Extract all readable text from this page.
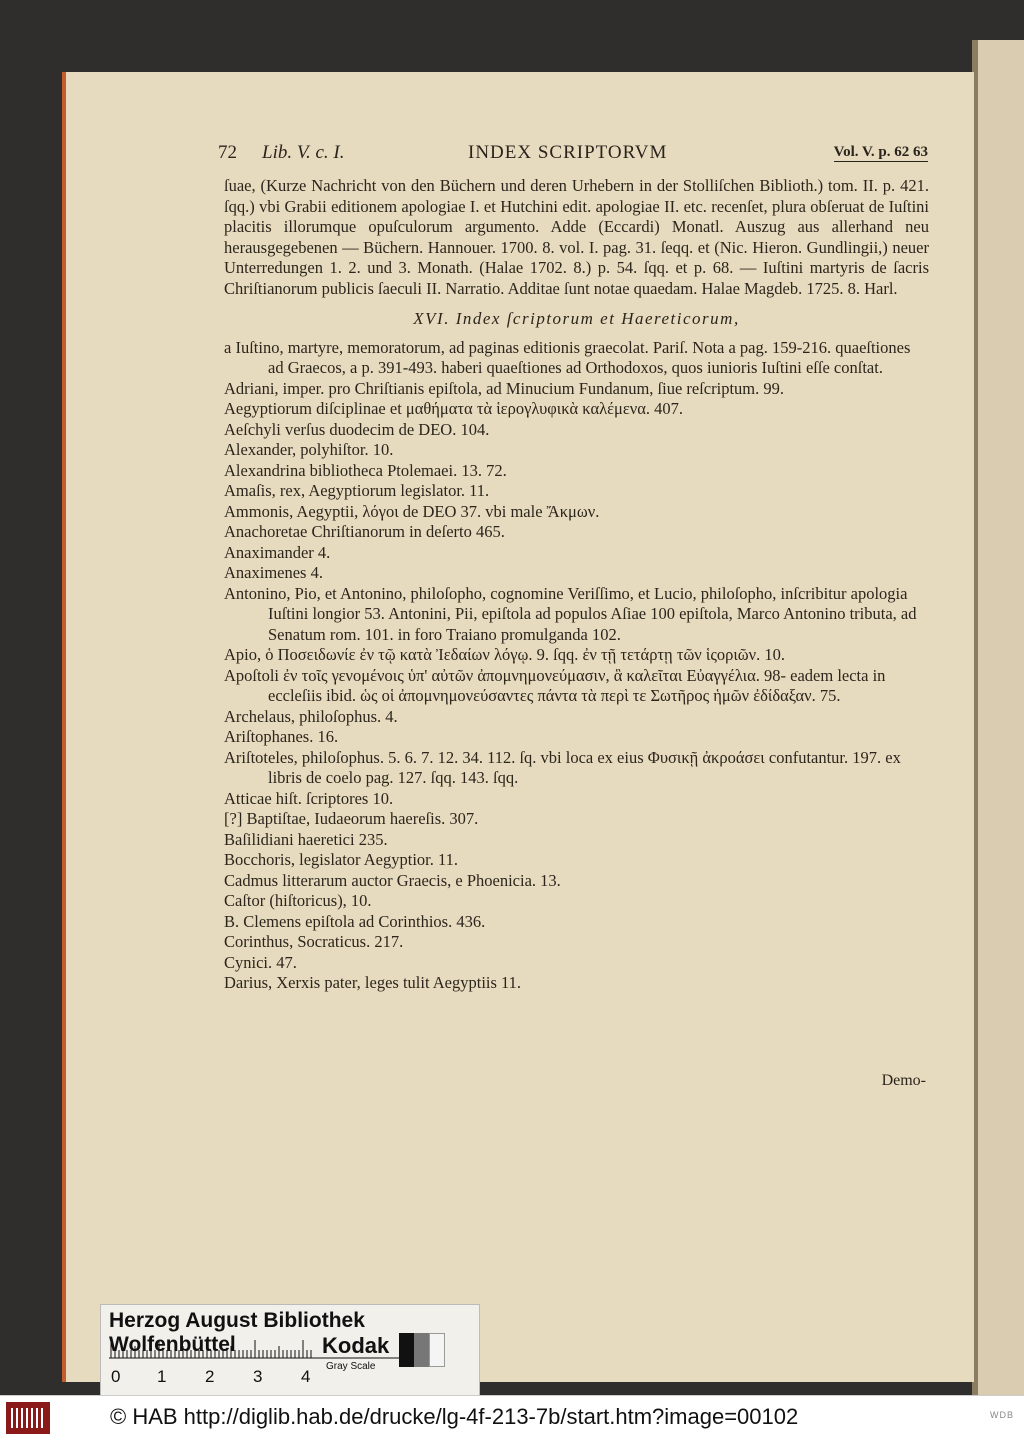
72 Lib. V. c. I.	INDEX SCRIPTORVM	Vol. V. p. 62 63

ſuae, (Kurze Nachricht von den Büchern und deren Urhebern in der Stolliſchen Biblioth.) tom. II. p. 421. ſqq.) vbi Grabii editionem apologiae I. et Hutchini edit. apologiae II. etc. recenſet, plura obſeruat de Iuſtini placitis illorumque opuſculorum argumento. Adde (Eccardi) Monatl. Auszug aus allerhand neu herausgegebenen — Büchern. Hannouer. 1700. 8. vol. I. pag. 31. ſeqq. et (Nic. Hieron. Gundlingii,) neuer Unterredungen 1. 2. und 3. Monath. (Halae 1702. 8.) p. 54. ſqq. et p. 68. — Iuſtini martyris de ſacris Chriſtianorum publicis ſaeculi II. Narratio. Additae ſunt notae quaedam. Halae Magdeb. 1725. 8. Harl.

XVI. Index ſcriptorum et Haereticorum,

a Iuſtino, martyre, memoratorum, ad paginas editionis graecolat. Pariſ. Nota a pag. 159-216. quaeſtiones ad Graecos, a p. 391-493. haberi quaeſtiones ad Orthodoxos, quos iunioris Iuſtini eſſe conſtat.

Adriani, imper. pro Chriſtianis epiſtola, ad Minucium Fundanum, ſiue reſcriptum. 99.

Aegyptiorum diſciplinae et μαθήματα τὰ ἱερογλυφικὰ καλέμενα. 407.

Aeſchyli verſus duodecim de DEO. 104.

Alexander, polyhiſtor. 10.

Alexandrina bibliotheca Ptolemaei. 13. 72.

Amaſis, rex, Aegyptiorum legislator. 11.

Ammonis, Aegyptii, λόγοι de DEO 37. vbi male Ἄκμων.

Anachoretae Chriſtianorum in deſerto 465.

Anaximander 4.

Anaximenes 4.

Antonino, Pio, et Antonino, philoſopho, cognomine Veriſſimo, et Lucio, philoſopho, inſcribitur apologia Iuſtini longior 53. Antonini, Pii, epiſtola ad populos Aſiae 100 epiſtola, Marco Antonino tributa, ad Senatum rom. 101. in foro Traiano promulganda 102.

Apio, ὁ Ποσειδωνίε ἐν τῷ κατὰ Ἰεδαίων λόγῳ. 9. ſqq. ἐν τῇ τετάρτῃ τῶν ἱςοριῶν. 10.

Apoſtoli ἐν τοῖς γενομένοις ὑπ' αὐτῶν ἀπομνημονεύμασιν, ἃ καλεῖται Εὐαγγέλια. 98- eadem lecta in eccleſiis ibid. ὡς οἱ ἀπομνημονεύσαντες πάντα τὰ περὶ τε Σωτῆρος ἡμῶν ἐδίδαξαν. 75.

Archelaus, philoſophus. 4.

Ariſtophanes. 16.

Ariſtoteles, philoſophus. 5. 6. 7. 12. 34. 112. ſq. vbi loca ex eius Φυσικῇ ἀκροάσει confutantur. 197. ex libris de coelo pag. 127. ſqq. 143. ſqq.

Atticae hiſt. ſcriptores 10.

[?] Baptiſtae, Iudaeorum haereſis. 307.

Baſilidiani haeretici 235.

Bocchoris, legislator Aegyptior. 11.

Cadmus litterarum auctor Graecis, e Phoenicia. 13.

Caſtor (hiſtoricus), 10.

B. Clemens epiſtola ad Corinthios. 436.

Corinthus, Socraticus. 217.

Cynici. 47.

Darius, Xerxis pater, leges tulit Aegyptiis 11.

Demo-
Herzog August Bibliothek Wolfenbüttel
0 1 2 3 4
Kodak
Gray Scale
© HAB http://diglib.hab.de/drucke/lg-4f-213-7b/start.htm?image=00102	WDB
